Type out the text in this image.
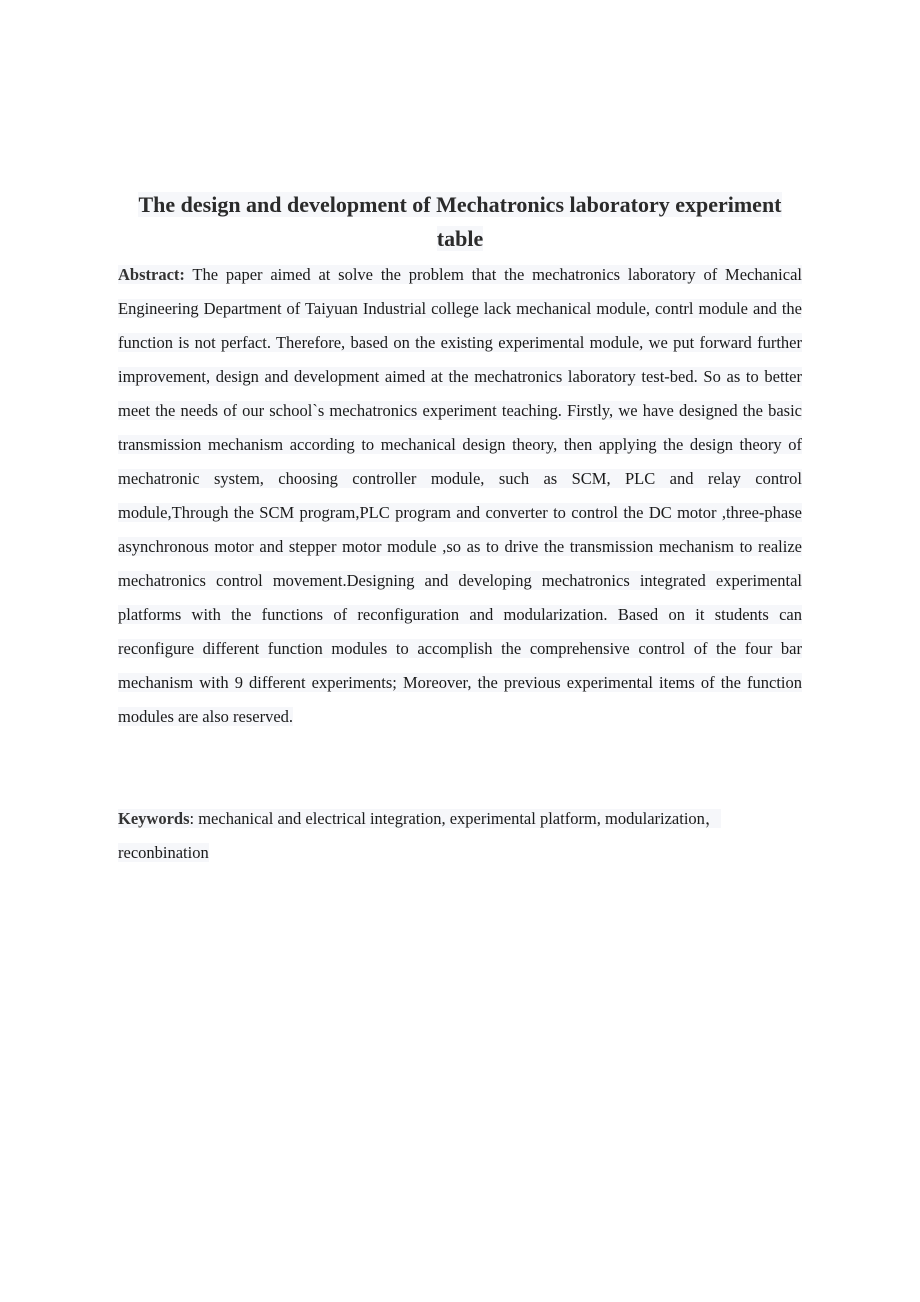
The design and development of Mechatronics laboratory experiment table
Abstract: The paper aimed at solve the problem that the mechatronics laboratory of Mechanical Engineering Department of Taiyuan Industrial college lack mechanical module, contrl module and the function is not perfact. Therefore, based on the existing experimental module, we put forward further improvement, design and development aimed at the mechatronics laboratory test-bed. So as to better meet the needs of our school`s mechatronics experiment teaching. Firstly, we have designed the basic transmission mechanism according to mechanical design theory, then applying the design theory of mechatronic system, choosing controller module, such as SCM, PLC and relay control module,Through the SCM program,PLC program and converter to control the DC motor ,three-phase asynchronous motor and stepper motor module ,so as to drive the transmission mechanism to realize mechatronics control movement.Designing and developing mechatronics integrated experimental platforms with the functions of reconfiguration and modularization. Based on it students can reconfigure different function modules to accomplish the comprehensive control of the four bar mechanism with 9 different experiments; Moreover, the previous experimental items of the function modules are also reserved.
Keywords: mechanical and electrical integration, experimental platform, modularization，reconbination
